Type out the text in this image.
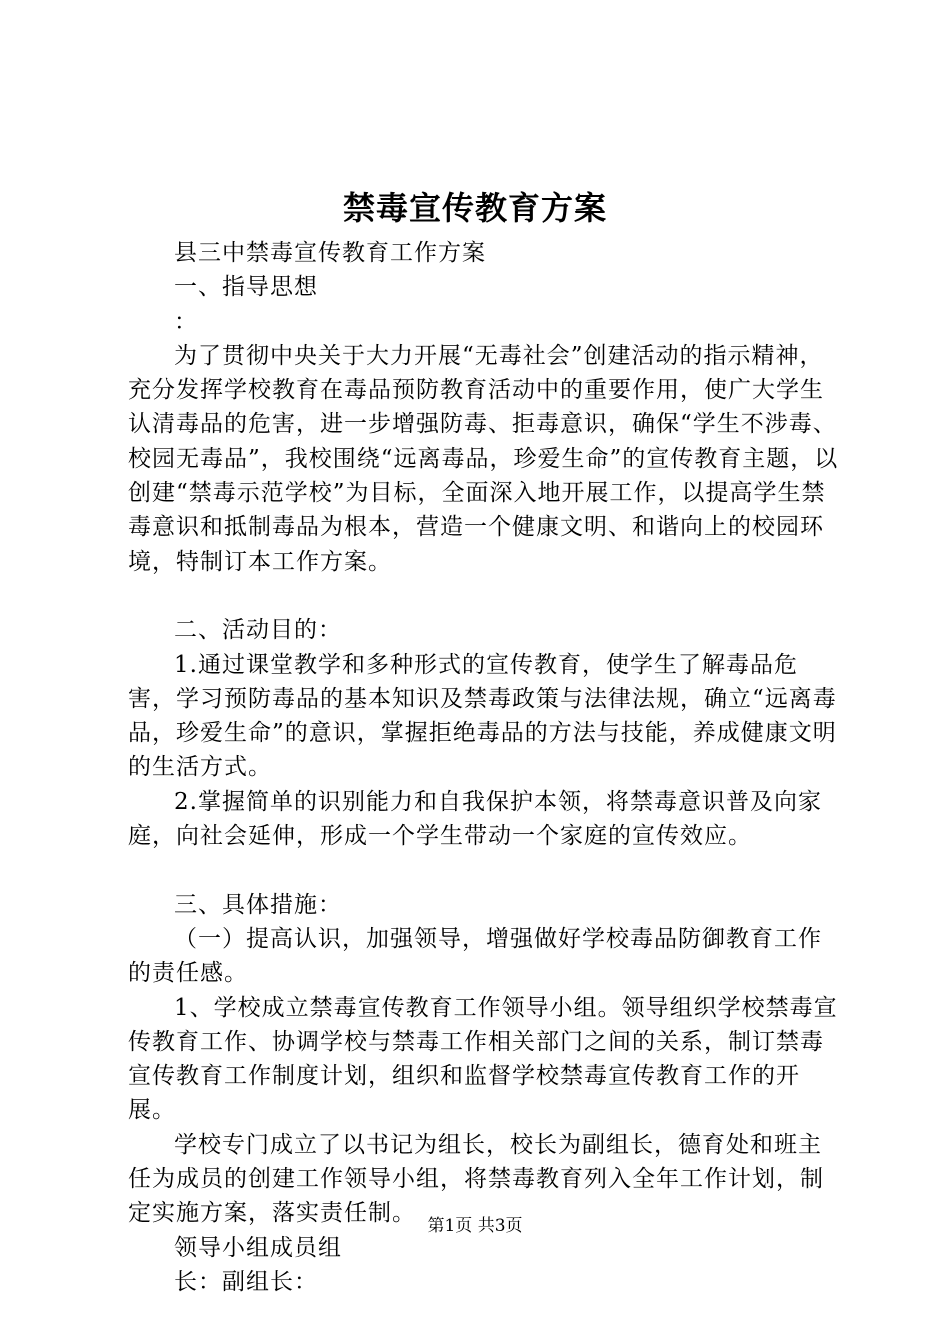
禁毒宣传教育方案

县三中禁毒宣传教育工作方案

一、指导思想

：

为了贯彻中央关于大力开展“无毒社会”创建活动的指示精神，充分发挥学校教育在毒品预防教育活动中的重要作用，使广大学生认清毒品的危害，进一步增强防毒、拒毒意识，确保“学生不涉毒、校园无毒品”，我校围绕“远离毒品，珍爱生命”的宣传教育主题，以创建“禁毒示范学校”为目标，全面深入地开展工作，以提高学生禁毒意识和抵制毒品为根本，营造一个健康文明、和谐向上的校园环境，特制订本工作方案。

二、活动目的：

1.通过课堂教学和多种形式的宣传教育，使学生了解毒品危害，学习预防毒品的基本知识及禁毒政策与法律法规，确立“远离毒品，珍爱生命”的意识，掌握拒绝毒品的方法与技能，养成健康文明的生活方式。

2.掌握简单的识别能力和自我保护本领，将禁毒意识普及向家庭，向社会延伸，形成一个学生带动一个家庭的宣传效应。

三、具体措施：

（一）提高认识，加强领导，增强做好学校毒品防御教育工作的责任感。

1、学校成立禁毒宣传教育工作领导小组。领导组织学校禁毒宣传教育工作、协调学校与禁毒工作相关部门之间的关系，制订禁毒宣传教育工作制度计划，组织和监督学校禁毒宣传教育工作的开展。

学校专门成立了以书记为组长，校长为副组长，德育处和班主任为成员的创建工作领导小组，将禁毒教育列入全年工作计划，制定实施方案，落实责任制。

领导小组成员组

长：副组长：

第1页 共3页
